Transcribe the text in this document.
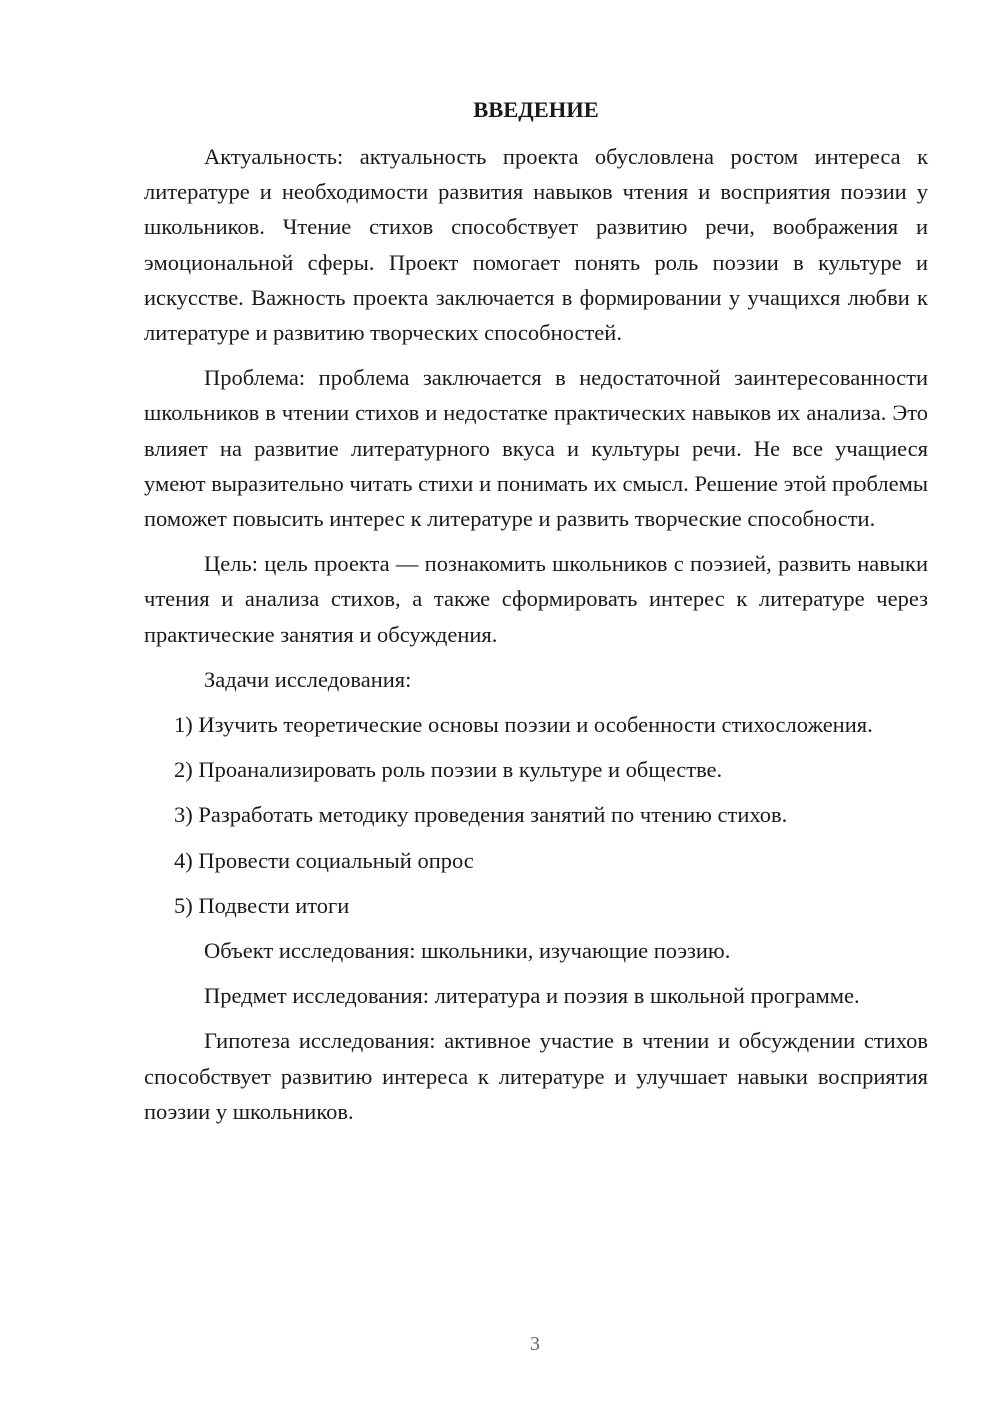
ВВЕДЕНИЕ

Актуальность: актуальность проекта обусловлена ростом интереса к литературе и необходимости развития навыков чтения и восприятия поэзии у школьников. Чтение стихов способствует развитию речи, воображения и эмоциональной сферы. Проект помогает понять роль поэзии в культуре и искусстве. Важность проекта заключается в формировании у учащихся любви к литературе и развитию творческих способностей.

Проблема: проблема заключается в недостаточной заинтересованности школьников в чтении стихов и недостатке практических навыков их анализа. Это влияет на развитие литературного вкуса и культуры речи. Не все учащиеся умеют выразительно читать стихи и понимать их смысл. Решение этой проблемы поможет повысить интерес к литературе и развить творческие способности.

Цель: цель проекта — познакомить школьников с поэзией, развить навыки чтения и анализа стихов, а также сформировать интерес к литературе через практические занятия и обсуждения.

Задачи исследования:

1) Изучить теоретические основы поэзии и особенности стихосложения.

2) Проанализировать роль поэзии в культуре и обществе.

3) Разработать методику проведения занятий по чтению стихов.

4) Провести социальный опрос

5) Подвести итоги

Объект исследования: школьники, изучающие поэзию.

Предмет исследования: литература и поэзия в школьной программе.

Гипотеза исследования: активное участие в чтении и обсуждении стихов способствует развитию интереса к литературе и улучшает навыки восприятия поэзии у школьников.

3
